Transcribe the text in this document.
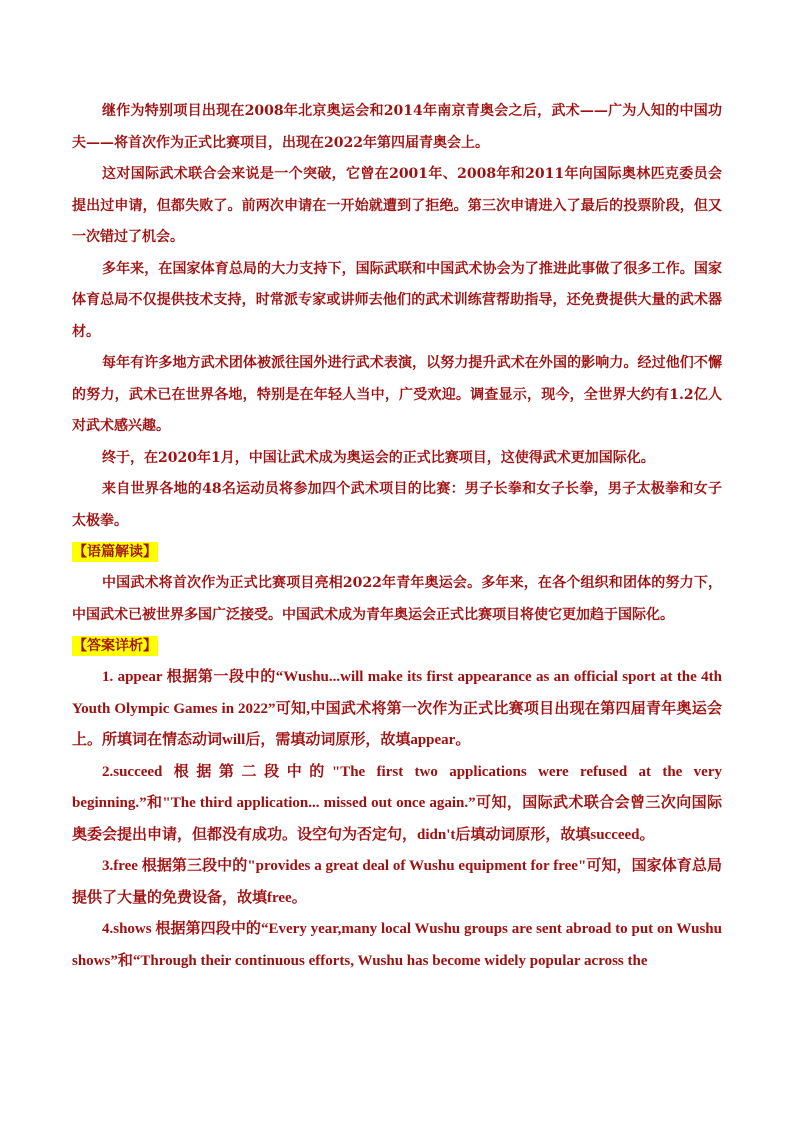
继作为特别项目出现在2008年北京奥运会和2014年南京青奥会之后，武术——广为人知的中国功夫——将首次作为正式比赛项目，出现在2022年第四届青奥会上。

这对国际武术联合会来说是一个突破，它曾在2001年、2008年和2011年向国际奥林匹克委员会提出过申请，但都失败了。前两次申请在一开始就遭到了拒绝。第三次申请进入了最后的投票阶段，但又一次错过了机会。

多年来，在国家体育总局的大力支持下，国际武联和中国武术协会为了推进此事做了很多工作。国家体育总局不仅提供技术支持，时常派专家或讲师去他们的武术训练营帮助指导，还免费提供大量的武术器材。

每年有许多地方武术团体被派往国外进行武术表演，以努力提升武术在外国的影响力。经过他们不懈的努力，武术已在世界各地，特别是在年轻人当中，广受欢迎。调查显示，现今，全世界大约有1.2亿人对武术感兴趣。

终于，在2020年1月，中国让武术成为奥运会的正式比赛项目，这使得武术更加国际化。

来自世界各地的48名运动员将参加四个武术项目的比赛：男子长拳和女子长拳，男子太极拳和女子太极拳。

【语篇解读】

中国武术将首次作为正式比赛项目亮相2022年青年奥运会。多年来，在各个组织和团体的努力下，中国武术已被世界多国广泛接受。中国武术成为青年奥运会正式比赛项目将使它更加趋于国际化。

【答案详析】

1. appear 根据第一段中的“Wushu...will make its first appearance as an official sport at the 4th Youth Olympic Games in 2022”可知,中国武术将第一次作为正式比赛项目出现在第四届青年奥运会上。所填词在情态动词will后，需填动词原形，故填appear。

2.succeed 根据第二段中的"The first two applications were refused at the very beginning.”和"The third application... missed out once again.”可知，国际武术联合会曾三次向国际奥委会提出申请，但都没有成功。设空句为否定句，didn't后填动词原形，故填succeed。

3.free 根据第三段中的"provides a great deal of Wushu equipment for free"可知，国家体育总局提供了大量的免费设备，故填free。

4.shows 根据第四段中的“Every year,many local Wushu groups are sent abroad to put on Wushu shows”和“Through their continuous efforts, Wushu has become widely popular across the
